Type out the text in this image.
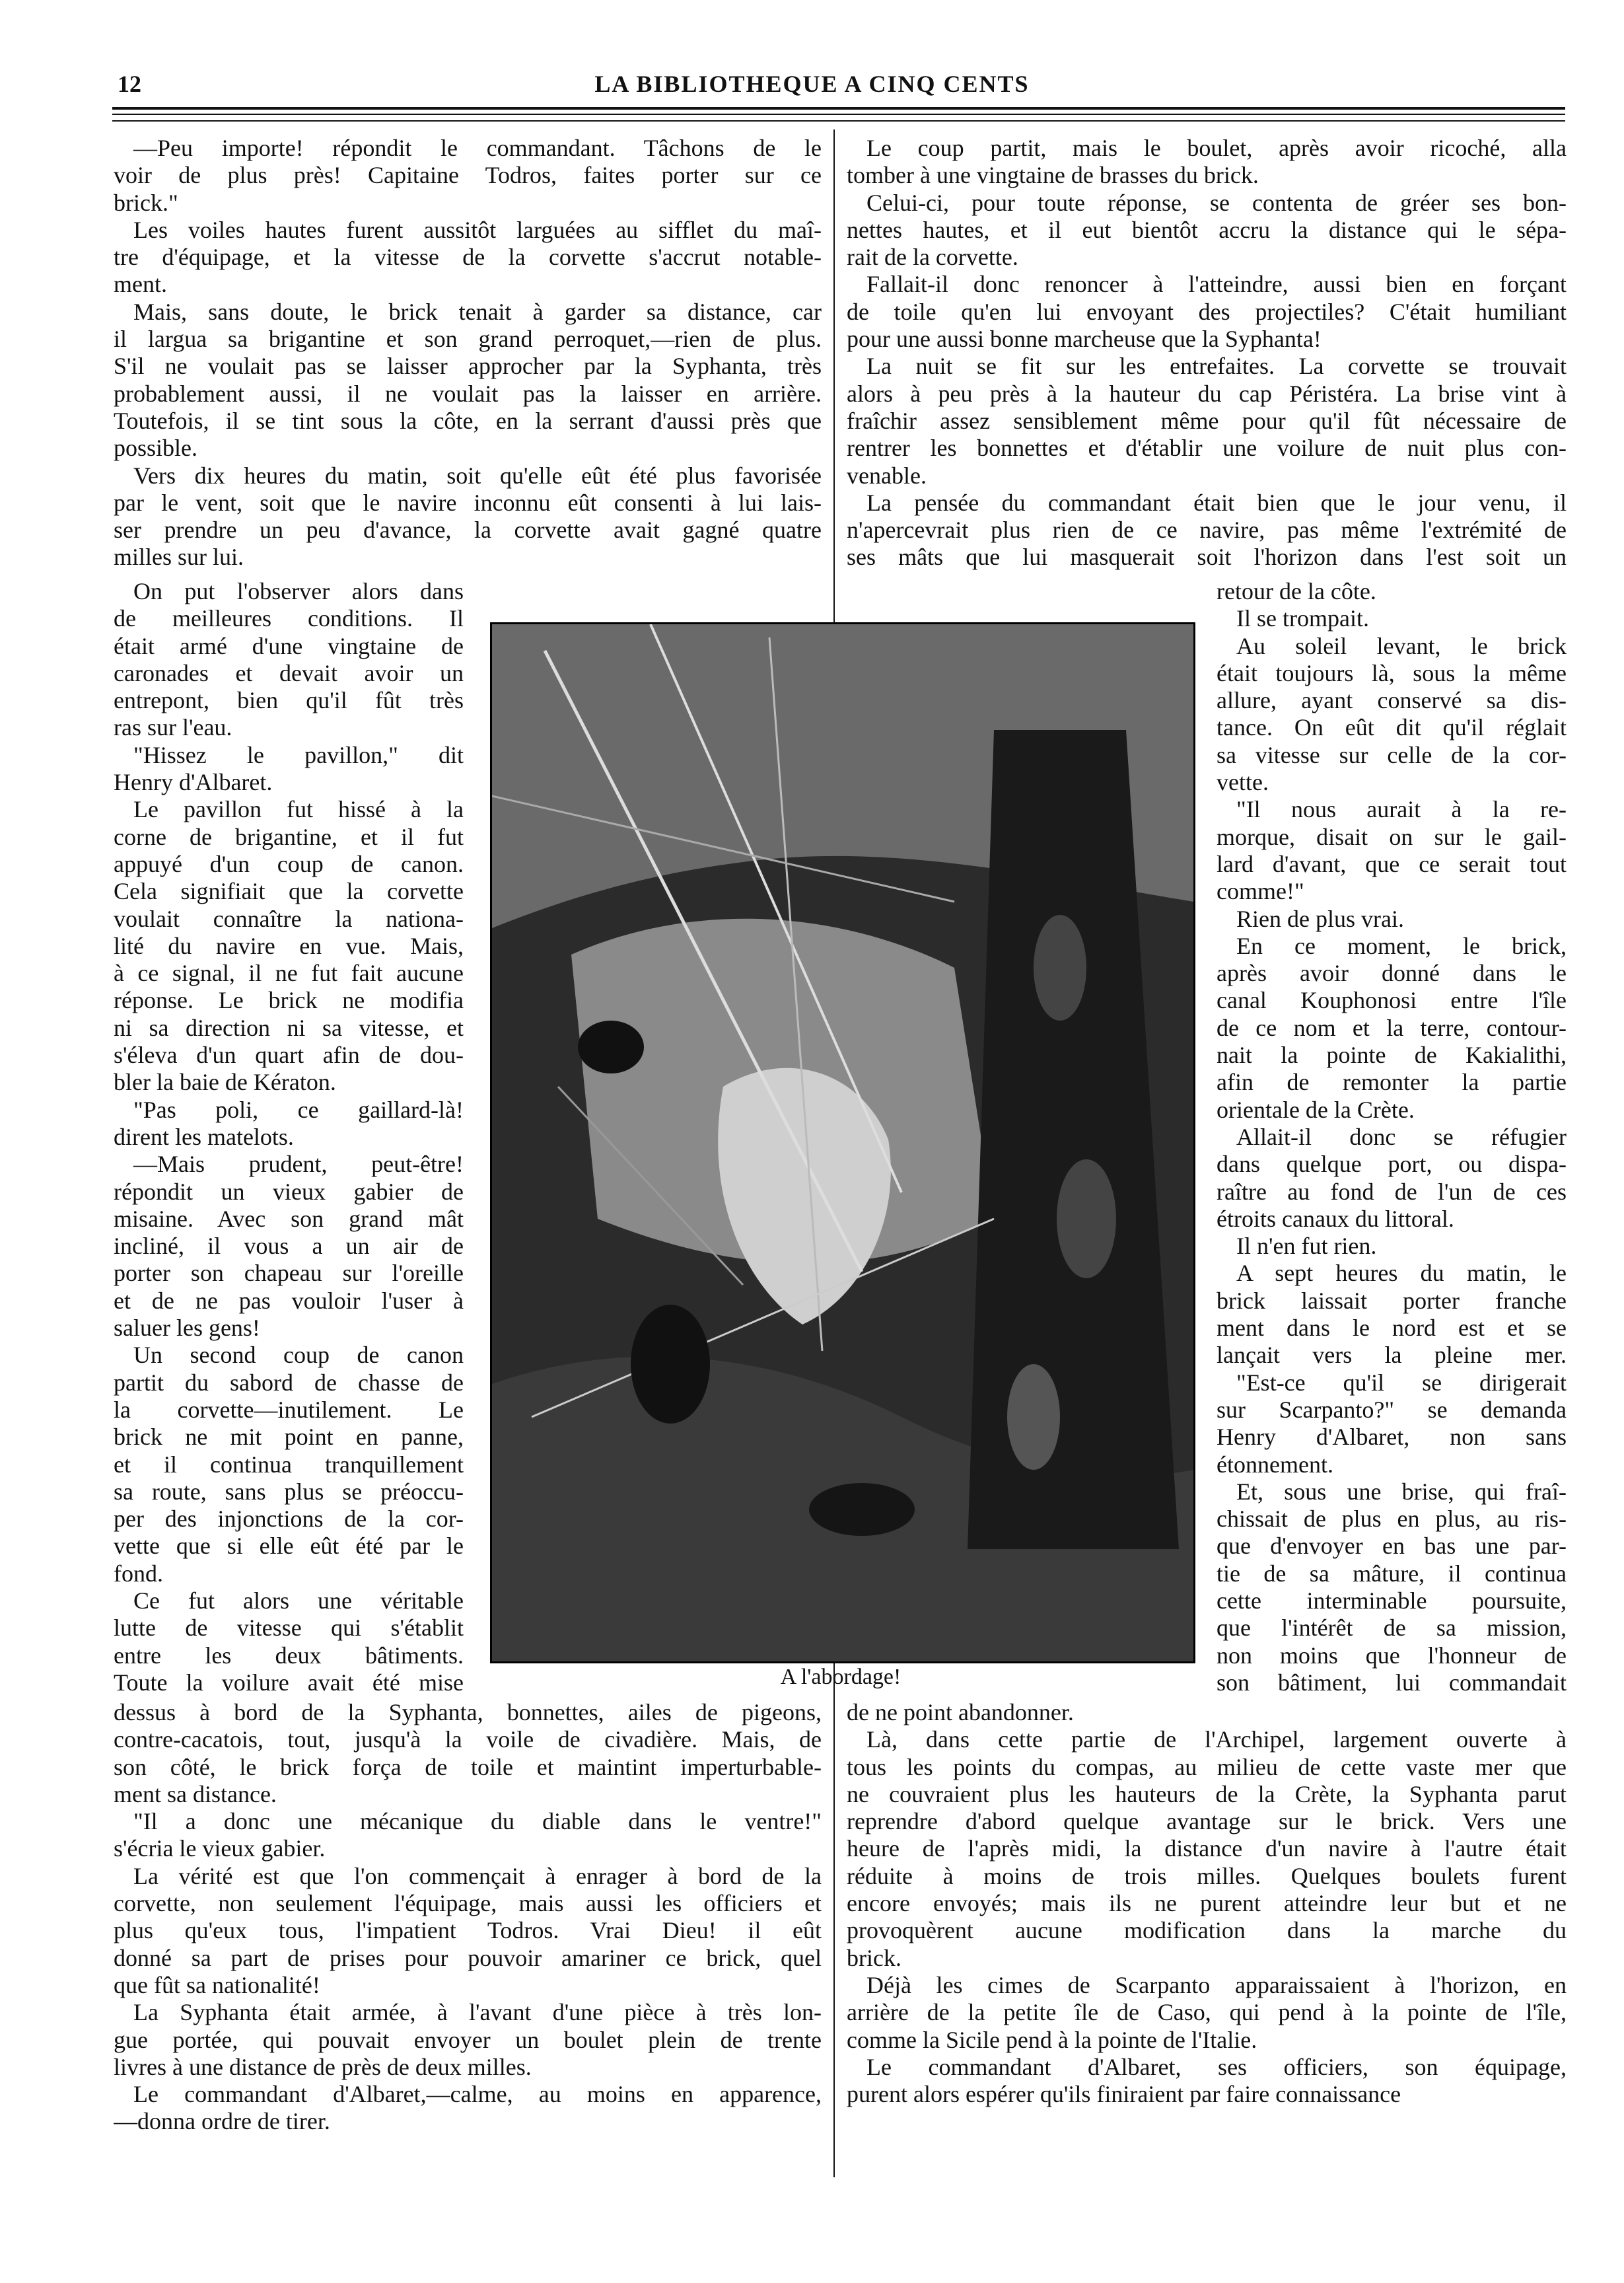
12	LA BIBLIOTHEQUE A CINQ CENTS
—Peu importe! répondit le commandant. Tâchons de le
voir de plus près! Capitaine Todros, faites porter sur ce
brick."
Les voiles hautes furent aussitôt larguées au sifflet du maî-
tre d'équipage, et la vitesse de la corvette s'accrut notable-
ment.
Mais, sans doute, le brick tenait à garder sa distance, car
il largua sa brigantine et son grand perroquet,—rien de plus.
S'il ne voulait pas se laisser approcher par la Syphanta, très
probablement aussi, il ne voulait pas la laisser en arrière.
Toutefois, il se tint sous la côte, en la serrant d'aussi près que
possible.
Vers dix heures du matin, soit qu'elle eût été plus favorisée
par le vent, soit que le navire inconnu eût consenti à lui lais-
ser prendre un peu d'avance, la corvette avait gagné quatre
milles sur lui.
On put l'observer alors dans
de meilleures conditions. Il
était armé d'une vingtaine de
caronades et devait avoir un
entrepont, bien qu'il fût très
ras sur l'eau.
"Hissez le pavillon," dit
Henry d'Albaret.
Le pavillon fut hissé à la
corne de brigantine, et il fut
appuyé d'un coup de canon.
Cela signifiait que la corvette
voulait connaître la nationa-
lité du navire en vue. Mais,
à ce signal, il ne fut fait aucune
réponse. Le brick ne modifia
ni sa direction ni sa vitesse, et
s'éleva d'un quart afin de dou-
bler la baie de Kératon.
"Pas poli, ce gaillard-là!
dirent les matelots.
—Mais prudent, peut-être!
répondit un vieux gabier de
misaine. Avec son grand mât
incliné, il vous a un air de
porter son chapeau sur l'oreille
et de ne pas vouloir l'user à
saluer les gens!
Un second coup de canon
partit du sabord de chasse de
la corvette—inutilement. Le
brick ne mit point en panne,
et il continua tranquillement
sa route, sans plus se préoccu-
per des injonctions de la cor-
vette que si elle eût été par le
fond.
Ce fut alors une véritable
lutte de vitesse qui s'établit
entre les deux bâtiments.
Toute la voilure avait été mise
dessus à bord de la Syphanta, bonnettes, ailes de pigeons,
contre-cacatois, tout, jusqu'à la voile de civadière. Mais, de
son côté, le brick força de toile et maintint imperturbable-
ment sa distance.
"Il a donc une mécanique du diable dans le ventre!"
s'écria le vieux gabier.
La vérité est que l'on commençait à enrager à bord de la
corvette, non seulement l'équipage, mais aussi les officiers et
plus qu'eux tous, l'impatient Todros. Vrai Dieu! il eût
donné sa part de prises pour pouvoir amariner ce brick, quel
que fût sa nationalité!
La Syphanta était armée, à l'avant d'une pièce à très lon-
gue portée, qui pouvait envoyer un boulet plein de trente
livres à une distance de près de deux milles.
Le commandant d'Albaret,—calme, au moins en apparence,
—donna ordre de tirer.
Le coup partit, mais le boulet, après avoir ricoché, alla
tomber à une vingtaine de brasses du brick.
Celui-ci, pour toute réponse, se contenta de gréer ses bon-
nettes hautes, et il eut bientôt accru la distance qui le sépa-
rait de la corvette.
Fallait-il donc renoncer à l'atteindre, aussi bien en forçant
de toile qu'en lui envoyant des projectiles? C'était humiliant
pour une aussi bonne marcheuse que la Syphanta!
La nuit se fit sur les entrefaites. La corvette se trouvait
alors à peu près à la hauteur du cap Péristéra. La brise vint à
fraîchir assez sensiblement même pour qu'il fût nécessaire de
rentrer les bonnettes et d'établir une voilure de nuit plus con-
venable.
La pensée du commandant était bien que le jour venu, il
n'apercevrait plus rien de ce navire, pas même l'extrémité de
ses mâts que lui masquerait soit l'horizon dans l'est soit un
retour de la côte.
Il se trompait.
Au soleil levant, le brick
était toujours là, sous la même
allure, ayant conservé sa dis-
tance. On eût dit qu'il réglait
sa vitesse sur celle de la cor-
vette.
"Il nous aurait à la re-
morque, disait on sur le gail-
lard d'avant, que ce serait tout
comme!"
Rien de plus vrai.
En ce moment, le brick,
après avoir donné dans le
canal Kouphonosi entre l'île
de ce nom et la terre, contour-
nait la pointe de Kakialithi,
afin de remonter la partie
orientale de la Crète.
Allait-il donc se réfugier
dans quelque port, ou dispa-
raître au fond de l'un de ces
étroits canaux du littoral.
Il n'en fut rien.
A sept heures du matin, le
brick laissait porter franche
ment dans le nord est et se
lançait vers la pleine mer.
"Est-ce qu'il se dirigerait
sur Scarpanto?" se demanda
Henry d'Albaret, non sans
étonnement.
Et, sous une brise, qui fraî-
chissait de plus en plus, au ris-
que d'envoyer en bas une par-
tie de sa mâture, il continua
cette interminable poursuite,
que l'intérêt de sa mission,
non moins que l'honneur de
son bâtiment, lui commandait
de ne point abandonner.
Là, dans cette partie de l'Archipel, largement ouverte à
tous les points du compas, au milieu de cette vaste mer que
ne couvraient plus les hauteurs de la Crète, la Syphanta parut
reprendre d'abord quelque avantage sur le brick. Vers une
heure de l'après midi, la distance d'un navire à l'autre était
réduite à moins de trois milles. Quelques boulets furent
encore envoyés; mais ils ne purent atteindre leur but et ne
provoquèrent aucune modification dans la marche du
brick.
Déjà les cimes de Scarpanto apparaissaient à l'horizon, en
arrière de la petite île de Caso, qui pend à la pointe de l'île,
comme la Sicile pend à la pointe de l'Italie.
Le commandant d'Albaret, ses officiers, son équipage,
purent alors espérer qu'ils finiraient par faire connaissance
A l'abordage!
